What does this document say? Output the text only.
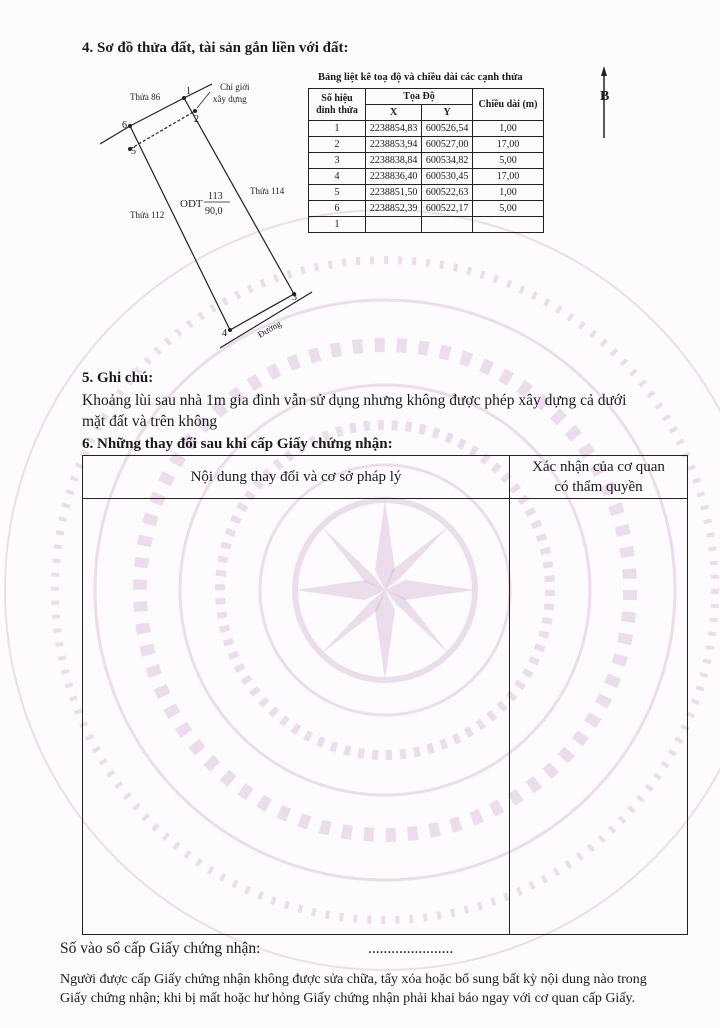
4. Sơ đồ thửa đất, tài sản gắn liền với đất:
1
2
3
4
5
6
Thửa 86
Chỉ giới
xây dựng
Thửa 114
Thửa 112
ODT
113
90,0
Đường
Bảng liệt kê toạ độ và chiều dài các cạnh thửa
Số hiệu
đỉnh thửa	Tọa Độ		Chiều dài (m)
	X	Y	
1	2238854,83	600526,54	1,00
2	2238853,94	600527,00	17,00
3	2238838,84	600534,82	5,00
4	2238836,40	600530,45	17,00
5	2238851,50	600522,63	1,00
6	2238852,39	600522,17	5,00
1			
B
5. Ghi chú:
Khoảng lùi sau nhà 1m gia đình vẫn sử dụng nhưng không được phép xây dựng cả dưới
mặt đất và trên không
6. Những thay đổi sau khi cấp Giấy chứng nhận:
Nội dung thay đổi và cơ sở pháp lý	Xác nhận của cơ quan
có thẩm quyền

Số vào sổ cấp Giấy chứng nhận:	......................
Người được cấp Giấy chứng nhận không được sửa chữa, tẩy xóa hoặc bổ sung bất kỳ nội dung nào trong
Giấy chứng nhận; khi bị mất hoặc hư hỏng Giấy chứng nhận phải khai báo ngay với cơ quan cấp Giấy.
